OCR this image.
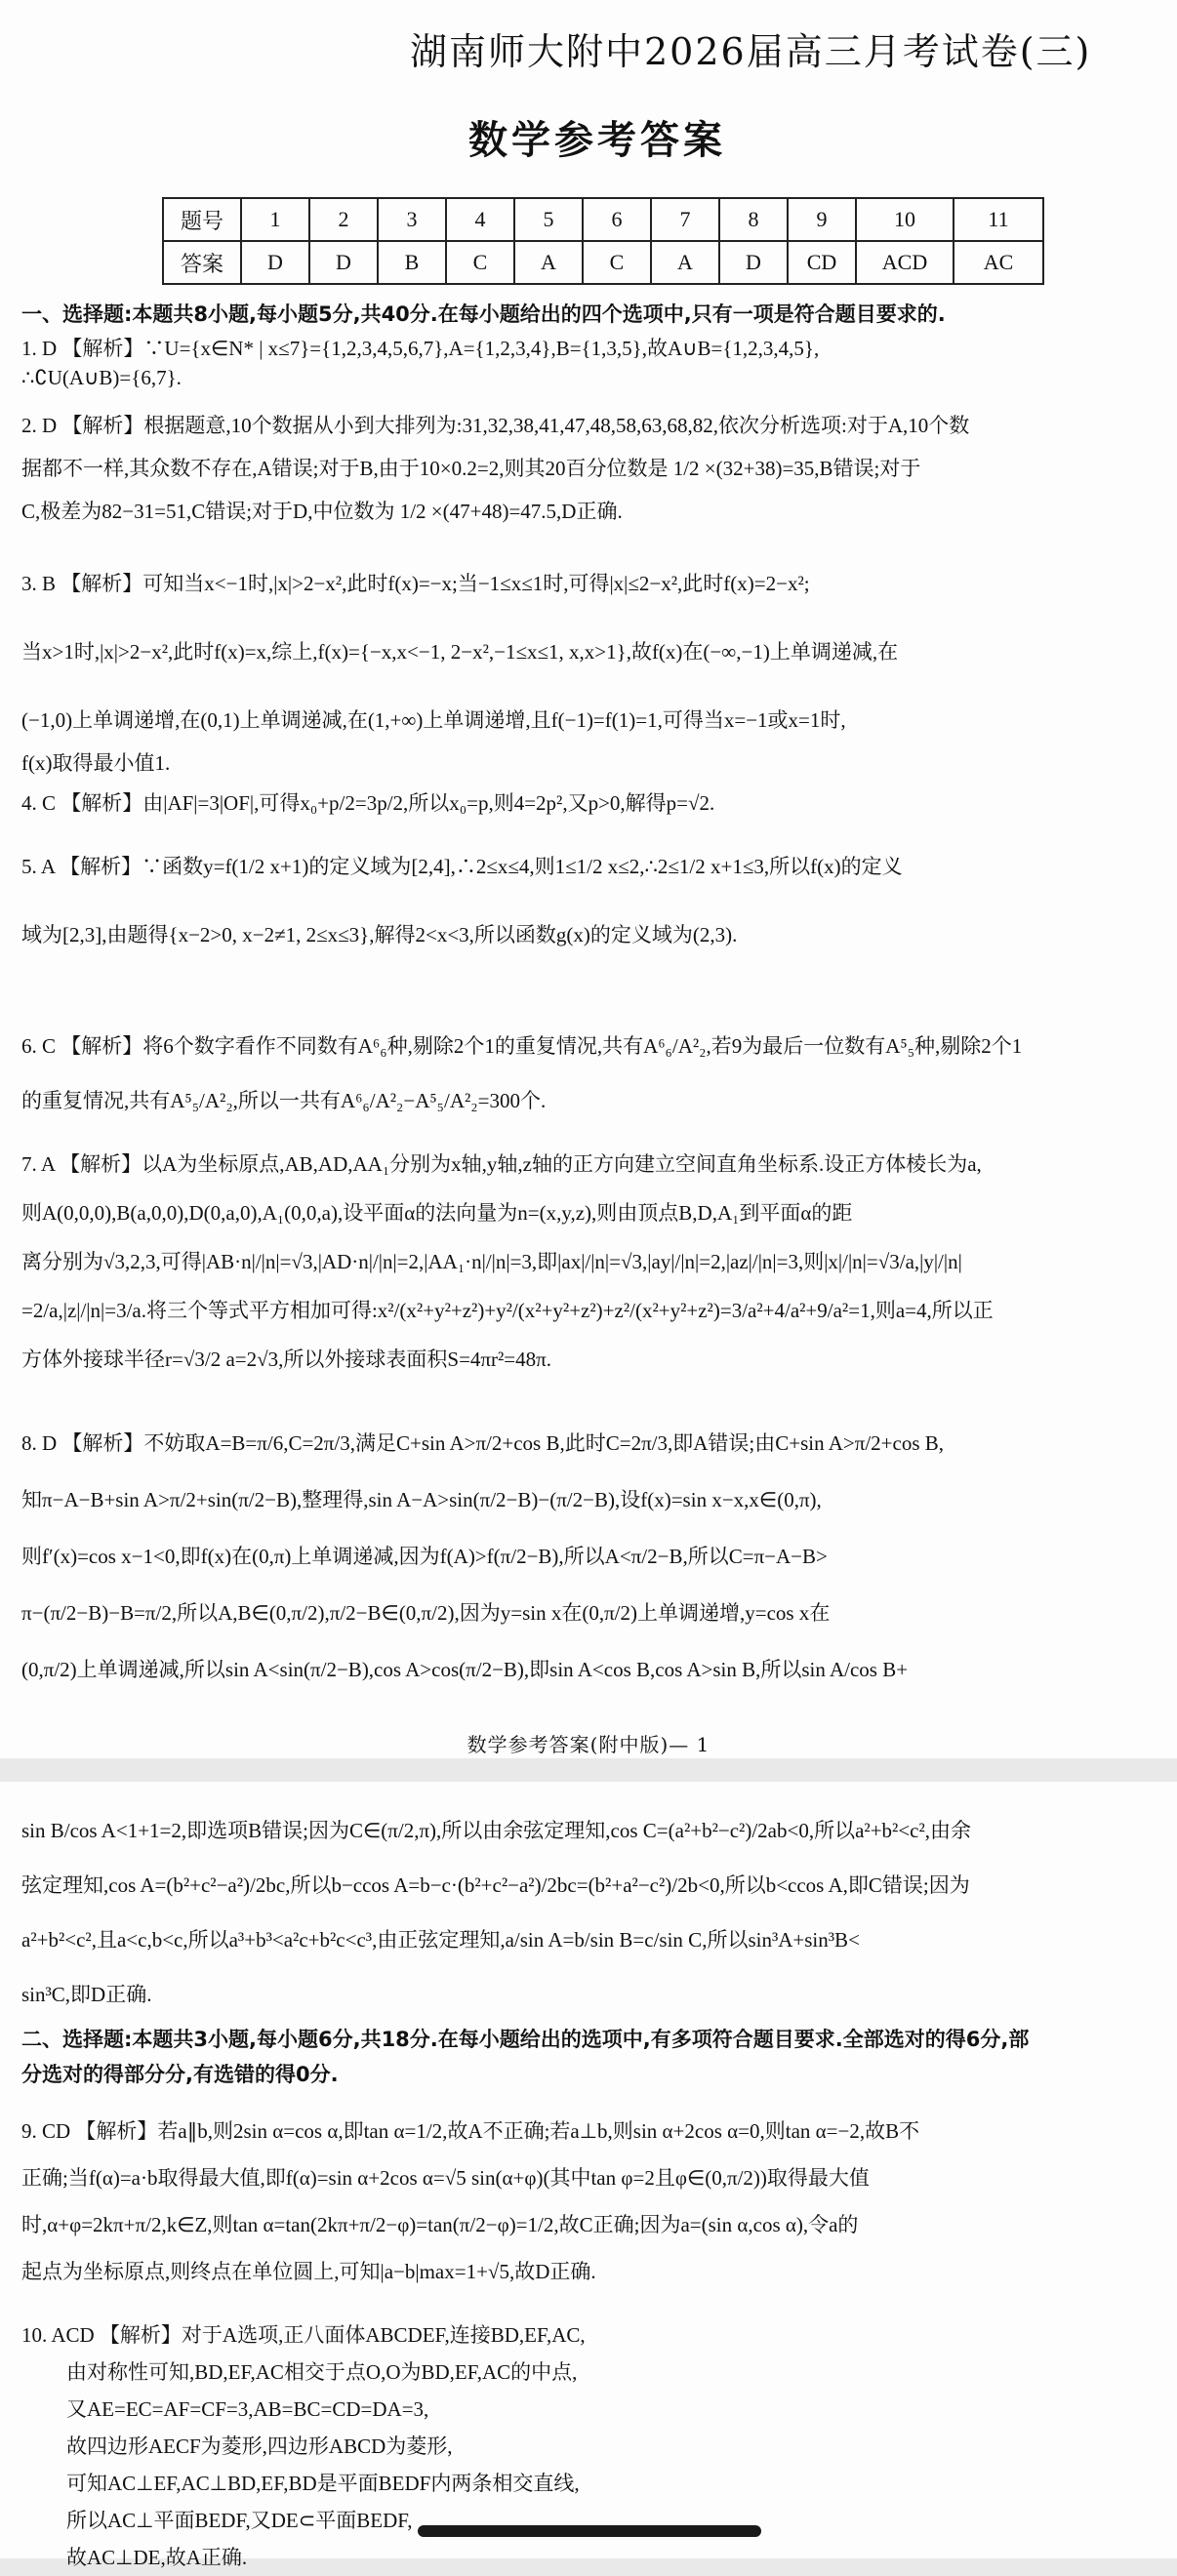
湖南师大附中2026届高三月考试卷(三)
数学参考答案
题号	1	2	3	4	5	6	7	8	9	10	11
答案	D	D	B	C	A	C	A	D	CD	ACD	AC
一、选择题:本题共8小题,每小题5分,共40分.在每小题给出的四个选项中,只有一项是符合题目要求的.
1. D 【解析】∵U={x∈N* | x≤7}={1,2,3,4,5,6,7},A={1,2,3,4},B={1,3,5},故A∪B={1,2,3,4,5},
∴∁U(A∪B)={6,7}.
2. D 【解析】根据题意,10个数据从小到大排列为:31,32,38,41,47,48,58,63,68,82,依次分析选项:对于A,10个数
据都不一样,其众数不存在,A错误;对于B,由于10×0.2=2,则其20百分位数是 1/2 ×(32+38)=35,B错误;对于
C,极差为82−31=51,C错误;对于D,中位数为 1/2 ×(47+48)=47.5,D正确.
3. B 【解析】可知当x<−1时,|x|>2−x²,此时f(x)=−x;当−1≤x≤1时,可得|x|≤2−x²,此时f(x)=2−x²;
当x>1时,|x|>2−x²,此时f(x)=x,综上,f(x)={−x,x<−1, 2−x²,−1≤x≤1, x,x>1},故f(x)在(−∞,−1)上单调递减,在
(−1,0)上单调递增,在(0,1)上单调递减,在(1,+∞)上单调递增,且f(−1)=f(1)=1,可得当x=−1或x=1时,
f(x)取得最小值1.
4. C 【解析】由|AF|=3|OF|,可得x₀+p/2=3p/2,所以x₀=p,则4=2p²,又p>0,解得p=√2.
5. A 【解析】∵函数y=f(1/2 x+1)的定义域为[2,4],∴2≤x≤4,则1≤1/2 x≤2,∴2≤1/2 x+1≤3,所以f(x)的定义
域为[2,3],由题得{x−2>0, x−2≠1, 2≤x≤3},解得2<x<3,所以函数g(x)的定义域为(2,3).
6. C 【解析】将6个数字看作不同数有A⁶₆种,剔除2个1的重复情况,共有A⁶₆/A²₂,若9为最后一位数有A⁵₅种,剔除2个1
的重复情况,共有A⁵₅/A²₂,所以一共有A⁶₆/A²₂−A⁵₅/A²₂=300个.
7. A 【解析】以A为坐标原点,AB,AD,AA₁分别为x轴,y轴,z轴的正方向建立空间直角坐标系.设正方体棱长为a,
则A(0,0,0),B(a,0,0),D(0,a,0),A₁(0,0,a),设平面α的法向量为n=(x,y,z),则由顶点B,D,A₁到平面α的距
离分别为√3,2,3,可得|AB·n|/|n|=√3,|AD·n|/|n|=2,|AA₁·n|/|n|=3,即|ax|/|n|=√3,|ay|/|n|=2,|az|/|n|=3,则|x|/|n|=√3/a,|y|/|n|
=2/a,|z|/|n|=3/a.将三个等式平方相加可得:x²/(x²+y²+z²)+y²/(x²+y²+z²)+z²/(x²+y²+z²)=3/a²+4/a²+9/a²=1,则a=4,所以正
方体外接球半径r=√3/2 a=2√3,所以外接球表面积S=4πr²=48π.
8. D 【解析】不妨取A=B=π/6,C=2π/3,满足C+sin A>π/2+cos B,此时C=2π/3,即A错误;由C+sin A>π/2+cos B,
知π−A−B+sin A>π/2+sin(π/2−B),整理得,sin A−A>sin(π/2−B)−(π/2−B),设f(x)=sin x−x,x∈(0,π),
则f′(x)=cos x−1<0,即f(x)在(0,π)上单调递减,因为f(A)>f(π/2−B),所以A<π/2−B,所以C=π−A−B>
π−(π/2−B)−B=π/2,所以A,B∈(0,π/2),π/2−B∈(0,π/2),因为y=sin x在(0,π/2)上单调递增,y=cos x在
(0,π/2)上单调递减,所以sin A<sin(π/2−B),cos A>cos(π/2−B),即sin A<cos B,cos A>sin B,所以sin A/cos B+
数学参考答案(附中版)— 1
sin B/cos A<1+1=2,即选项B错误;因为C∈(π/2,π),所以由余弦定理知,cos C=(a²+b²−c²)/2ab<0,所以a²+b²<c²,由余
弦定理知,cos A=(b²+c²−a²)/2bc,所以b−ccos A=b−c·(b²+c²−a²)/2bc=(b²+a²−c²)/2b<0,所以b<ccos A,即C错误;因为
a²+b²<c²,且a<c,b<c,所以a³+b³<a²c+b²c<c³,由正弦定理知,a/sin A=b/sin B=c/sin C,所以sin³A+sin³B<
sin³C,即D正确.
二、选择题:本题共3小题,每小题6分,共18分.在每小题给出的选项中,有多项符合题目要求.全部选对的得6分,部
分选对的得部分分,有选错的得0分.
9. CD 【解析】若a∥b,则2sin α=cos α,即tan α=1/2,故A不正确;若a⊥b,则sin α+2cos α=0,则tan α=−2,故B不
正确;当f(α)=a·b取得最大值,即f(α)=sin α+2cos α=√5 sin(α+φ)(其中tan φ=2且φ∈(0,π/2))取得最大值
时,α+φ=2kπ+π/2,k∈Z,则tan α=tan(2kπ+π/2−φ)=tan(π/2−φ)=1/2,故C正确;因为a=(sin α,cos α),令a的
起点为坐标原点,则终点在单位圆上,可知|a−b|max=1+√5,故D正确.
10. ACD 【解析】对于A选项,正八面体ABCDEF,连接BD,EF,AC,
由对称性可知,BD,EF,AC相交于点O,O为BD,EF,AC的中点,
又AE=EC=AF=CF=3,AB=BC=CD=DA=3,
故四边形AECF为菱形,四边形ABCD为菱形,
可知AC⊥EF,AC⊥BD,EF,BD是平面BEDF内两条相交直线,
所以AC⊥平面BEDF,又DE⊂平面BEDF,
故AC⊥DE,故A正确.
